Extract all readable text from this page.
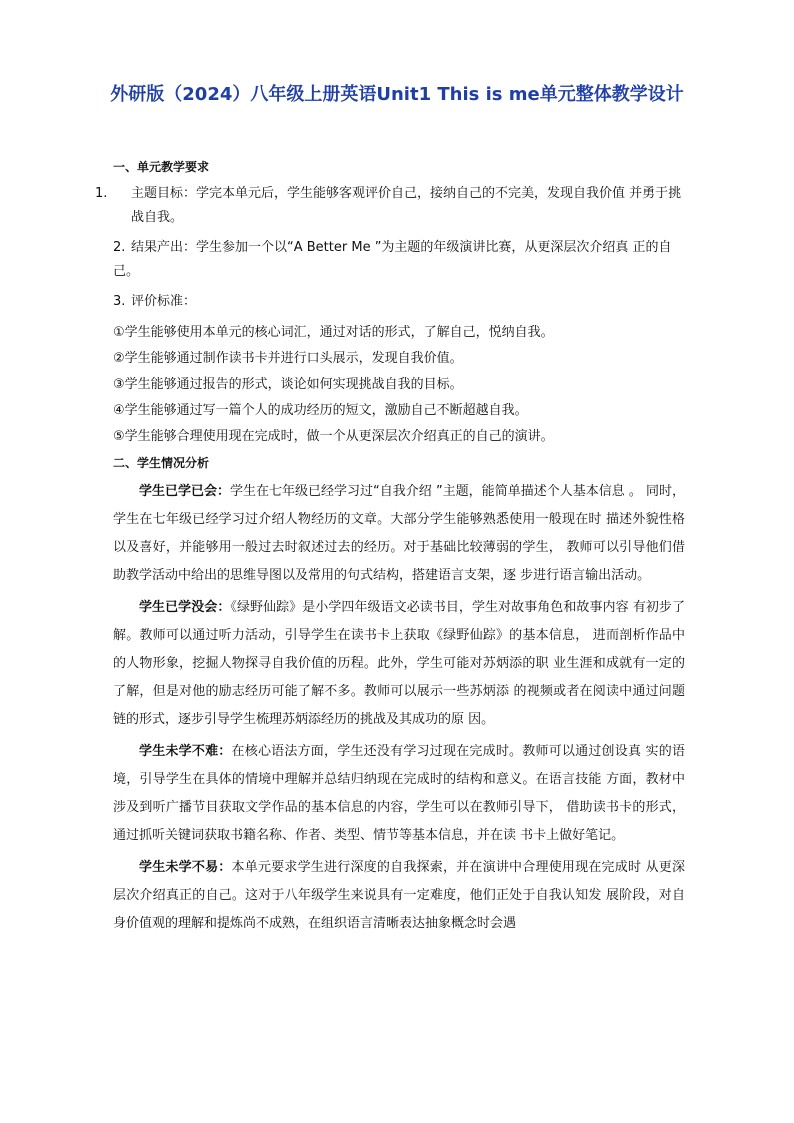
外研版（2024）八年级上册英语Unit1 This is me单元整体教学设计

一、单元教学要求

1. 主题目标：学完本单元后，学生能够客观评价自己，接纳自己的不完美，发现自我价值 并勇于挑战自我。

2. 结果产出：学生参加一个以“A Better Me ”为主题的年级演讲比赛，从更深层次介绍真 正的自己。

3. 评价标准：

①学生能够使用本单元的核心词汇，通过对话的形式，了解自己，悦纳自我。

②学生能够通过制作读书卡并进行口头展示，发现自我价值。

③学生能够通过报告的形式，谈论如何实现挑战自我的目标。

④学生能够通过写一篇个人的成功经历的短文，激励自己不断超越自我。

⑤学生能够合理使用现在完成时，做一个从更深层次介绍真正的自己的演讲。

二、学生情况分析

学生已学已会：学生在七年级已经学习过“自我介绍 ”主题，能简单描述个人基本信息 。 同时，学生在七年级已经学习过介绍人物经历的文章。大部分学生能够熟悉使用一般现在时 描述外貌性格以及喜好，并能够用一般过去时叙述过去的经历。对于基础比较薄弱的学生， 教师可以引导他们借助教学活动中给出的思维导图以及常用的句式结构，搭建语言支架，逐 步进行语言输出活动。

学生已学没会：《绿野仙踪》是小学四年级语文必读书目，学生对故事角色和故事内容 有初步了解。教师可以通过听力活动，引导学生在读书卡上获取《绿野仙踪》的基本信息， 进而剖析作品中的人物形象，挖掘人物探寻自我价值的历程。此外，学生可能对苏炳添的职 业生涯和成就有一定的了解，但是对他的励志经历可能了解不多。教师可以展示一些苏炳添 的视频或者在阅读中通过问题链的形式，逐步引导学生梳理苏炳添经历的挑战及其成功的原 因。

学生未学不难：在核心语法方面，学生还没有学习过现在完成时。教师可以通过创设真 实的语境，引导学生在具体的情境中理解并总结归纳现在完成时的结构和意义。在语言技能 方面，教材中涉及到听广播节目获取文学作品的基本信息的内容，学生可以在教师引导下， 借助读书卡的形式，通过抓听关键词获取书籍名称、作者、类型、情节等基本信息，并在读 书卡上做好笔记。

学生未学不易：本单元要求学生进行深度的自我探索，并在演讲中合理使用现在完成时 从更深层次介绍真正的自己。这对于八年级学生来说具有一定难度，他们正处于自我认知发 展阶段，对自身价值观的理解和提炼尚不成熟，在组织语言清晰表达抽象概念时会遇
